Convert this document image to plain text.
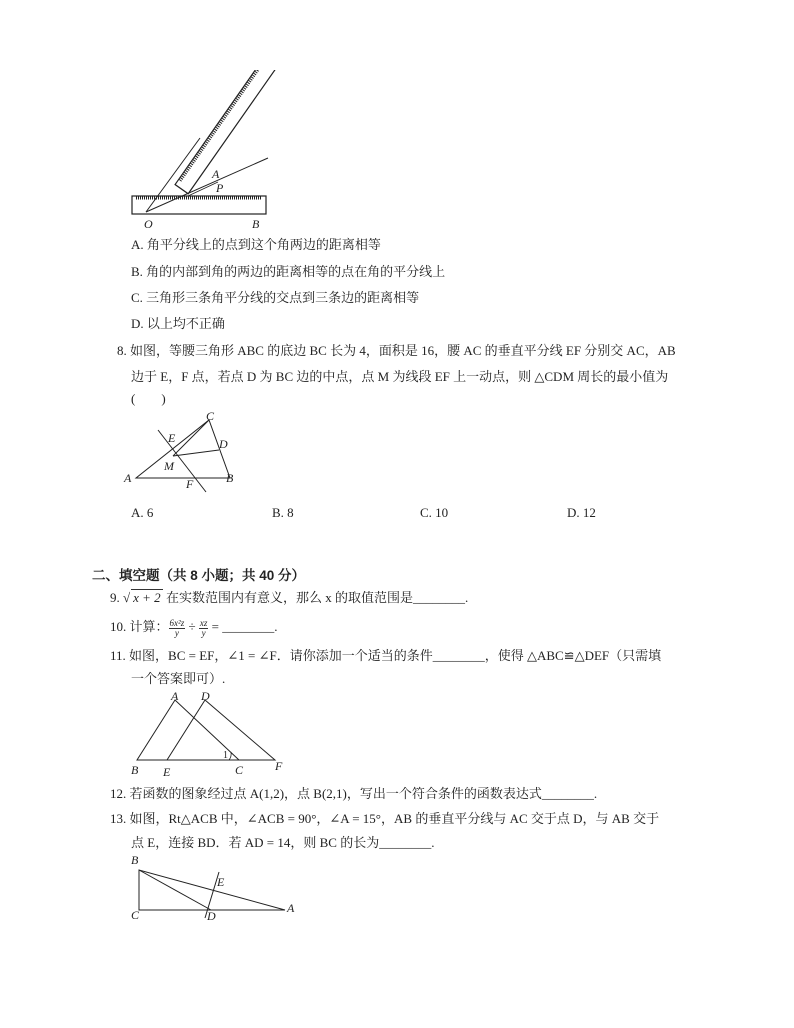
A
P
O	B
A. 角平分线上的点到这个角两边的距离相等
B. 角的内部到角的两边的距离相等的点在角的平分线上
C. 三角形三条角平分线的交点到三条边的距离相等
D. 以上均不正确
8. 如图，等腰三角形 ABC 的底边 BC 长为 4，面积是 16，腰 AC 的垂直平分线 EF 分别交 AC，AB
边于 E，F 点，若点 D 为 BC 边的中点，点 M 为线段 EF 上一动点，则 △CDM 周长的最小值为
(　　)
C
E	D
M
A	F	B
A. 6	B. 8	C. 10	D. 12
二、填空题（共 8 小题；共 40 分）
9. √ x + 2 在实数范围内有意义，那么 x 的取值范围是________.
10. 计算： $\frac{\text{6x²z}}{y} \div \frac{xz}{y}$ = ________.
11. 如图，BC = EF，∠1 = ∠F．请你添加一个适当的条件________，使得 △ABC≌△DEF（只需填
一个答案即可）.
A D
B E	C	F
1
12. 若函数的图象经过点 A(1,2)，点 B(2,1)，写出一个符合条件的函数表达式________.
13. 如图，Rt△ACB 中，∠ACB = 90°，∠A = 15°，AB 的垂直平分线与 AC 交于点 D，与 AB 交于
点 E，连接 BD．若 AD = 14，则 BC 的长为________.
B
E
C	D
A
